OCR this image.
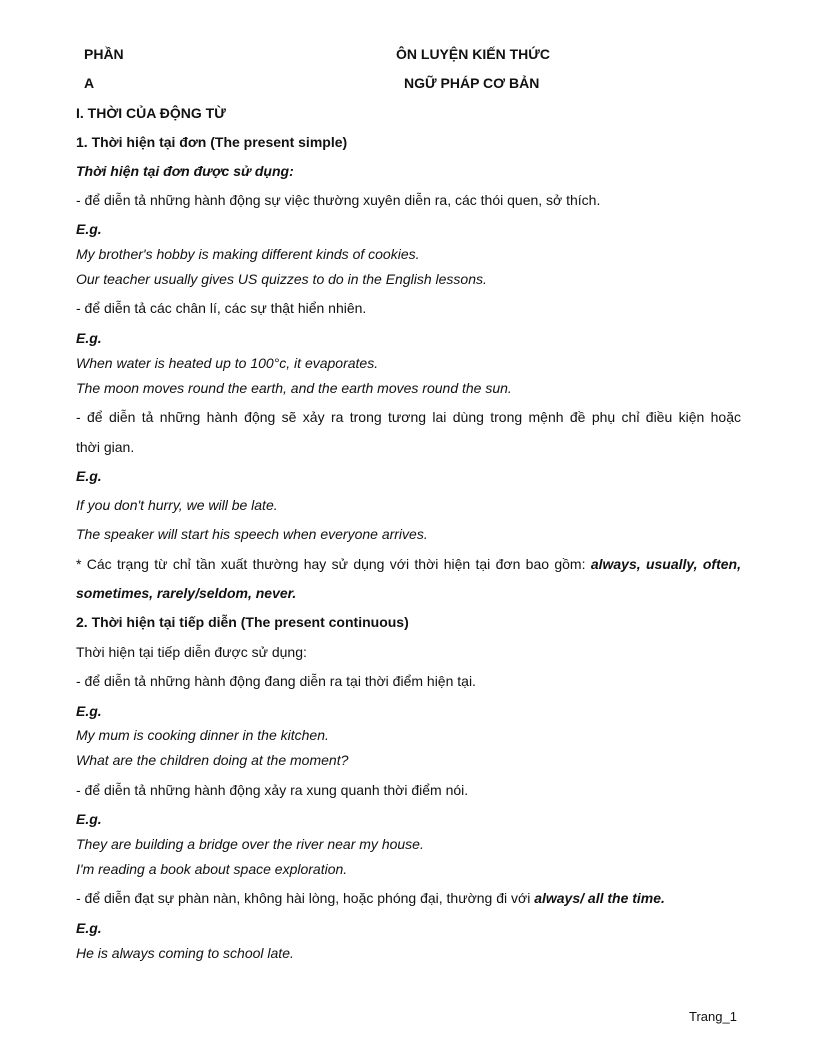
PHẦN
A
ÔN LUYỆN KIẾN THỨC
NGỮ PHÁP CƠ BẢN
I. THỜI CỦA ĐỘNG TỪ
1. Thời hiện tại đơn (The present simple)
Thời hiện tại đơn được sử dụng:
- để diễn tả những hành động sự việc thường xuyên diễn ra, các thói quen, sở thích.
E.g.
My brother's hobby is making different kinds of cookies.
Our teacher usually gives US quizzes to do in the English lessons.
- để diễn tả các chân lí, các sự thật hiển nhiên.
E.g.
When water is heated up to 100°c, it evaporates.
The moon moves round the earth, and the earth moves round the sun.
- để diễn tả những hành động sẽ xảy ra trong tương lai dùng trong mệnh đề phụ chỉ điều kiện hoặc
thời gian.
E.g.
If you don't hurry, we will be late.
The speaker will start his speech when everyone arrives.
* Các trạng từ chỉ tần xuất thường hay sử dụng với thời hiện tại đơn bao gồm: always, usually, often,
sometimes, rarely/seldom, never.
2. Thời hiện tại tiếp diễn (The present continuous)
Thời hiện tại tiếp diễn được sử dụng:
- để diễn tả những hành động đang diễn ra tại thời điểm hiện tại.
E.g.
My mum is cooking dinner in the kitchen.
What are the children doing at the moment?
- để diễn tả những hành động xảy ra xung quanh thời điểm nói.
E.g.
They are building a bridge over the river near my house.
I'm reading a book about space exploration.
- để diễn đạt sự phàn nàn, không hài lòng, hoặc phóng đại, thường đi với always/ all the time.
E.g.
He is always coming to school late.
Trang_1
